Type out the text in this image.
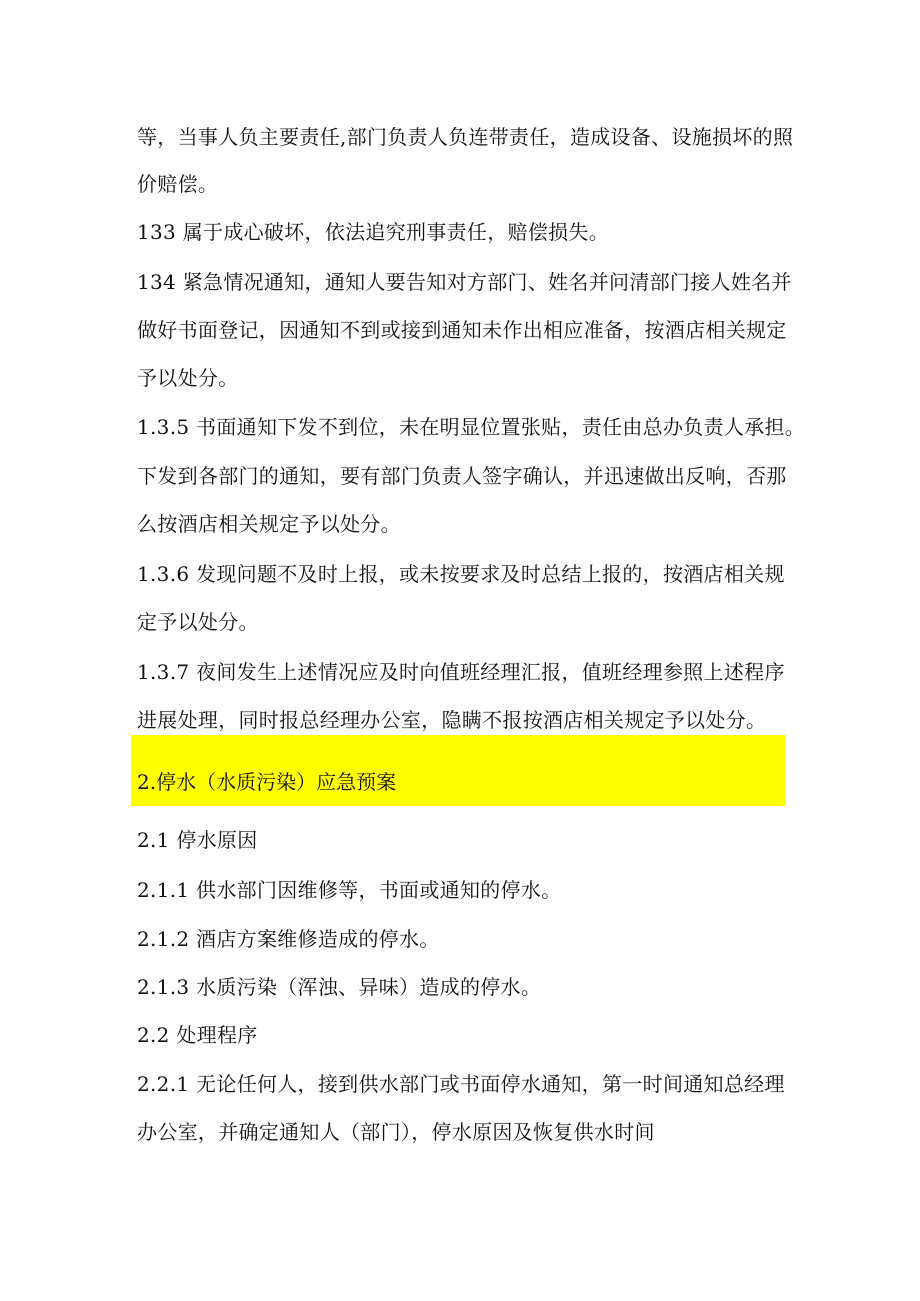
等，当事人负主要责任,部门负责人负连带责任，造成设备、设施损坏的照
价赔偿。
133 属于成心破坏，依法追究刑事责任，赔偿损失。
134 紧急情况通知，通知人要告知对方部门、姓名并问清部门接人姓名并
做好书面登记，因通知不到或接到通知未作出相应准备，按酒店相关规定
予以处分。
1.3.5 书面通知下发不到位，未在明显位置张贴，责任由总办负责人承担。
下发到各部门的通知，要有部门负责人签字确认，并迅速做出反响，否那
么按酒店相关规定予以处分。
1.3.6 发现问题不及时上报，或未按要求及时总结上报的，按酒店相关规
定予以处分。
1.3.7 夜间发生上述情况应及时向值班经理汇报，值班经理参照上述程序
进展处理，同时报总经理办公室，隐瞒不报按酒店相关规定予以处分。
2.停水（水质污染）应急预案
2.1 停水原因
2.1.1 供水部门因维修等，书面或通知的停水。
2.1.2 酒店方案维修造成的停水。
2.1.3 水质污染（浑浊、异味）造成的停水。
2.2 处理程序
2.2.1 无论任何人，接到供水部门或书面停水通知，第一时间通知总经理
办公室，并确定通知人（部门），停水原因及恢复供水时间
